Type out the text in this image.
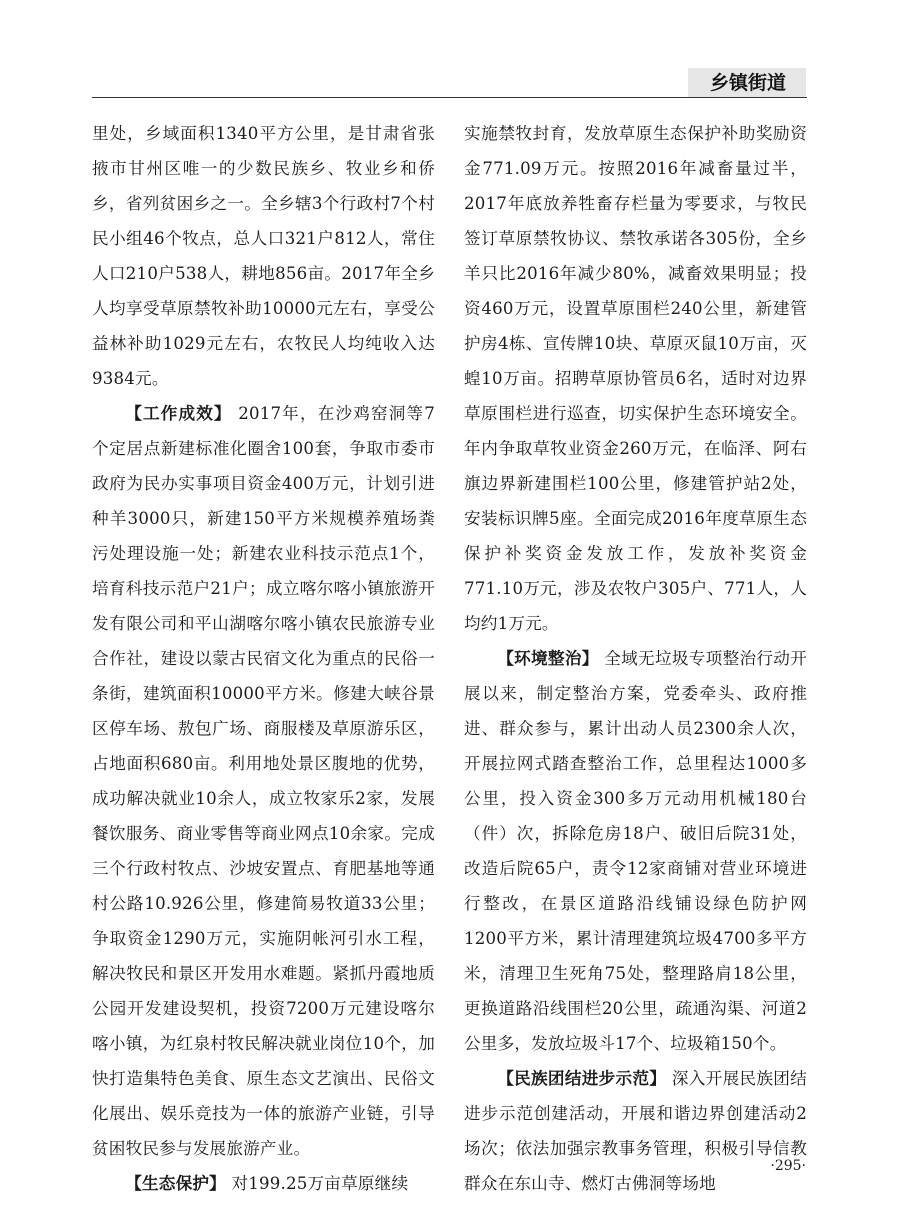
乡镇街道

里处，乡域面积1340平方公里，是甘肃省张掖市甘州区唯一的少数民族乡、牧业乡和侨乡，省列贫困乡之一。全乡辖3个行政村7个村民小组46个牧点，总人口321户812人，常住人口210户538人，耕地856亩。2017年全乡人均享受草原禁牧补助10000元左右，享受公益林补助1029元左右，农牧民人均纯收入达9384元。

【工作成效】 2017年，在沙鸡窑洞等7个定居点新建标准化圈舍100套，争取市委市政府为民办实事项目资金400万元，计划引进种羊3000只，新建150平方米规模养殖场粪污处理设施一处；新建农业科技示范点1个，培育科技示范户21户；成立喀尔喀小镇旅游开发有限公司和平山湖喀尔喀小镇农民旅游专业合作社，建设以蒙古民宿文化为重点的民俗一条街，建筑面积10000平方米。修建大峡谷景区停车场、敖包广场、商服楼及草原游乐区，占地面积680亩。利用地处景区腹地的优势，成功解决就业10余人，成立牧家乐2家，发展餐饮服务、商业零售等商业网点10余家。完成三个行政村牧点、沙坡安置点、育肥基地等通村公路10.926公里，修建简易牧道33公里；争取资金1290万元，实施阴帐河引水工程，解决牧民和景区开发用水难题。紧抓丹霞地质公园开发建设契机，投资7200万元建设喀尔喀小镇，为红泉村牧民解决就业岗位10个，加快打造集特色美食、原生态文艺演出、民俗文化展出、娱乐竞技为一体的旅游产业链，引导贫困牧民参与发展旅游产业。

【生态保护】 对199.25万亩草原继续

实施禁牧封育，发放草原生态保护补助奖励资金771.09万元。按照2016年减畜量过半，2017年底放养牲畜存栏量为零要求，与牧民签订草原禁牧协议、禁牧承诺各305份，全乡羊只比2016年减少80%，减畜效果明显；投资460万元，设置草原围栏240公里，新建管护房4栋、宣传牌10块、草原灭鼠10万亩，灭蝗10万亩。招聘草原协管员6名，适时对边界草原围栏进行巡查，切实保护生态环境安全。年内争取草牧业资金260万元，在临泽、阿右旗边界新建围栏100公里，修建管护站2处，安装标识牌5座。全面完成2016年度草原生态保护补奖资金发放工作，发放补奖资金771.10万元，涉及农牧户305户、771人，人均约1万元。

【环境整治】 全域无垃圾专项整治行动开展以来，制定整治方案，党委牵头、政府推进、群众参与，累计出动人员2300余人次，开展拉网式踏查整治工作，总里程达1000多公里，投入资金300多万元动用机械180台（件）次，拆除危房18户、破旧后院31处，改造后院65户，责令12家商铺对营业环境进行整改，在景区道路沿线铺设绿色防护网1200平方米，累计清理建筑垃圾4700多平方米，清理卫生死角75处，整理路肩18公里，更换道路沿线围栏20公里，疏通沟渠、河道2公里多，发放垃圾斗17个、垃圾箱150个。

【民族团结进步示范】 深入开展民族团结进步示范创建活动，开展和谐边界创建活动2场次；依法加强宗教事务管理，积极引导信教群众在东山寺、燃灯古佛洞等场地

·295·
